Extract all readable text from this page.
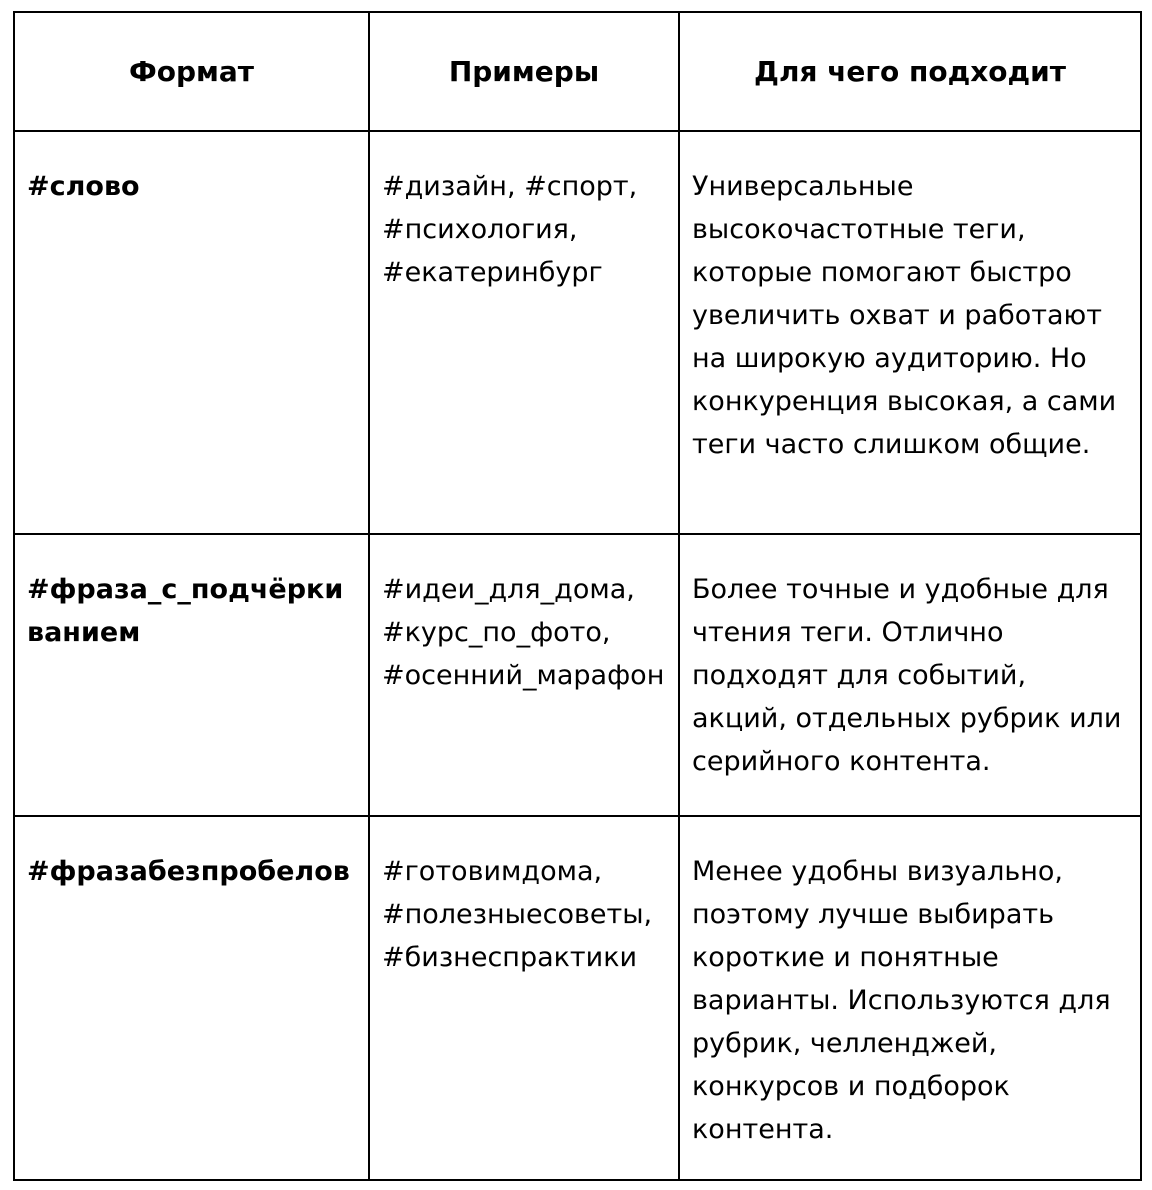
Формат	Примеры	Для чего подходит
#слово	#дизайн, #спорт, #психология, #екатеринбург	Универсальные высокочастотные теги, которые помогают быстро увеличить охват и работают на широкую аудиторию. Но конкуренция высокая, а сами теги часто слишком общие.
#фраза_с_подчёркиванием	#идеи_для_дома, #курс_по_фото, #осенний_марафон	Более точные и удобные для чтения теги. Отлично подходят для событий, акций, отдельных рубрик или серийного контента.
#фразабезпробелов	#готовимдома, #полезныесоветы, #бизнеспрактики	Менее удобны визуально, поэтому лучше выбирать короткие и понятные варианты. Используются для рубрик, челленджей, конкурсов и подборок контента.
